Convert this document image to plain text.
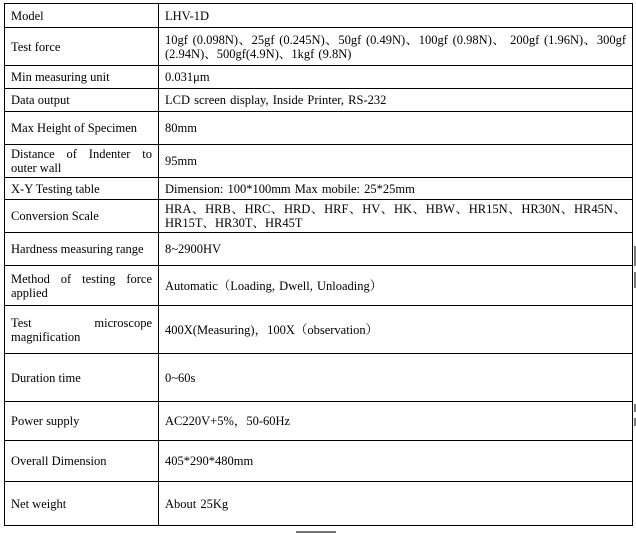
Model	LHV-1D
Test force	10gf (0.098N)、25gf (0.245N)、50gf (0.49N)、100gf (0.98N)、 200gf (1.96N)、300gf (2.94N)、500gf(4.9N)、1kgf (9.8N)
Min measuring unit	0.031μm
Data output	LCD screen display, Inside Printer, RS-232
Max Height of Specimen	80mm
Distance of Indenter to outer wall	95mm
X-Y Testing table	Dimension: 100*100mm Max mobile: 25*25mm
Conversion Scale	HRA、HRB、HRC、HRD、HRF、HV、HK、HBW、HR15N、HR30N、HR45N、HR15T、HR30T、HR45T
Hardness measuring range	8~2900HV
Method of testing force applied	Automatic（Loading, Dwell, Unloading）
Test microscope magnification	400X(Measuring)，100X（observation）
Duration time	0~60s
Power supply	AC220V+5%，50-60Hz
Overall Dimension	405*290*480mm
Net weight	About 25Kg
